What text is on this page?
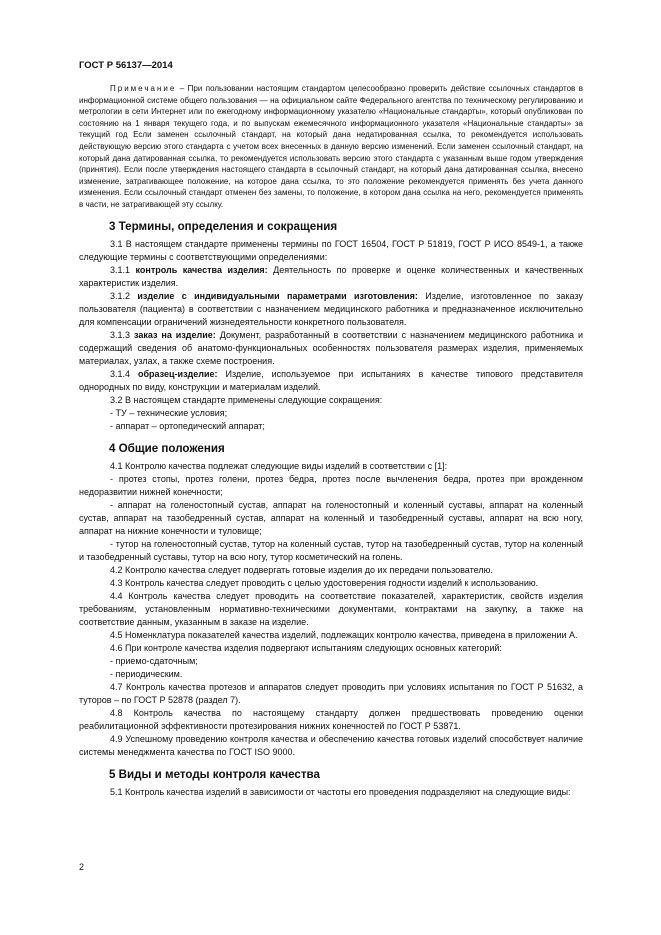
ГОСТ Р 56137—2014

Примечание – При пользовании настоящим стандартом целесообразно проверить действие ссылочных стандартов в информационной системе общего пользования — на официальном сайте Федерального агентства по техническому регулированию и метрологии в сети Интернет или по ежегодному информационному указателю «Национальные стандарты», который опубликован по состоянию на 1 января текущего года, и по выпускам ежемесячного информационного указателя «Национальные стандарты» за текущий год Если заменен ссылочный стандарт, на который дана недатированная ссылка, то рекомендуется использовать действующую версию этого стандарта с учетом всех внесенных в данную версию изменений. Если заменен ссылочный стандарт, на который дана датированная ссылка, то рекомендуется использовать версию этого стандарта с указанным выше годом утверждения (принятия). Если после утверждения настоящего стандарта в ссылочный стандарт, на который дана датированная ссылка, внесено изменение, затрагивающее положение, на которое дана ссылка, то это положение рекомендуется применять без учета данного изменения. Если ссылочный стандарт отменен без замены, то положение, в котором дана ссылка на него, рекомендуется применять в части, не затрагивающей эту ссылку.

3 Термины, определения и сокращения

3.1 В настоящем стандарте применены термины по ГОСТ 16504, ГОСТ Р 51819, ГОСТ Р ИСО 8549-1, а также следующие термины с соответствующими определениями:

3.1.1 контроль качества изделия: Деятельность по проверке и оценке количественных и качественных характеристик изделия.

3.1.2 изделие с индивидуальными параметрами изготовления: Изделие, изготовленное по заказу пользователя (пациента) в соответствии с назначением медицинского работника и предназначенное исключительно для компенсации ограничений жизнедеятельности конкретного пользователя.

3.1.3 заказ на изделие: Документ, разработанный в соответствии с назначением медицинского работника и содержащий сведения об анатомо-функциональных особенностях пользователя размерах изделия, применяемых материалах, узлах, а также схеме построения.

3.1.4 образец-изделие: Изделие, используемое при испытаниях в качестве типового представителя однородных по виду, конструкции и материалам изделий.

3.2 В настоящем стандарте применены следующие сокращения:

- ТУ – технические условия;

- аппарат – ортопедический аппарат;

4 Общие положения

4.1 Контролю качества подлежат следующие виды изделий в соответствии с [1]:

- протез стопы, протез голени, протез бедра, протез после вычленения бедра, протез при врожденном недоразвитии нижней конечности;

- аппарат на голеностопный сустав, аппарат на голеностопный и коленный суставы, аппарат на коленный сустав, аппарат на тазобедренный сустав, аппарат на коленный и тазобедренный суставы, аппарат на всю ногу, аппарат на нижние конечности и туловище;

- тутор на голеностопный сустав, тутор на коленный сустав, тутор на тазобедренный сустав, тутор на коленный и тазобедренный суставы, тутор на всю ногу, тутор косметический на голень.

4.2 Контролю качества следует подвергать готовые изделия до их передачи пользователю.

4.3 Контроль качества следует проводить с целью удостоверения годности изделий к использованию.

4.4 Контроль качества следует проводить на соответствие показателей, характеристик, свойств изделия требованиям, установленным нормативно-техническими документами, контрактами на закупку, а также на соответствие данным, указанным в заказе на изделие.

4.5 Номенклатура показателей качества изделий, подлежащих контролю качества, приведена в приложении А.

4.6 При контроле качества изделия подвергают испытаниям следующих основных категорий:

- приемо-сдаточным;

- периодическим.

4.7 Контроль качества протезов и аппаратов следует проводить при условиях испытания по ГОСТ Р 51632, а туторов – по ГОСТ Р 52878 (раздел 7).

4.8 Контроль качества по настоящему стандарту должен предшествовать проведению оценки реабилитационной эффективности протезирования нижних конечностей по ГОСТ Р 53871.

4.9 Успешному проведению контроля качества и обеспечению качества готовых изделий способствует наличие системы менеджмента качества по ГОСТ ISO 9000.

5 Виды и методы контроля качества

5.1 Контроль качества изделий в зависимости от частоты его проведения подразделяют на следующие виды:

2
